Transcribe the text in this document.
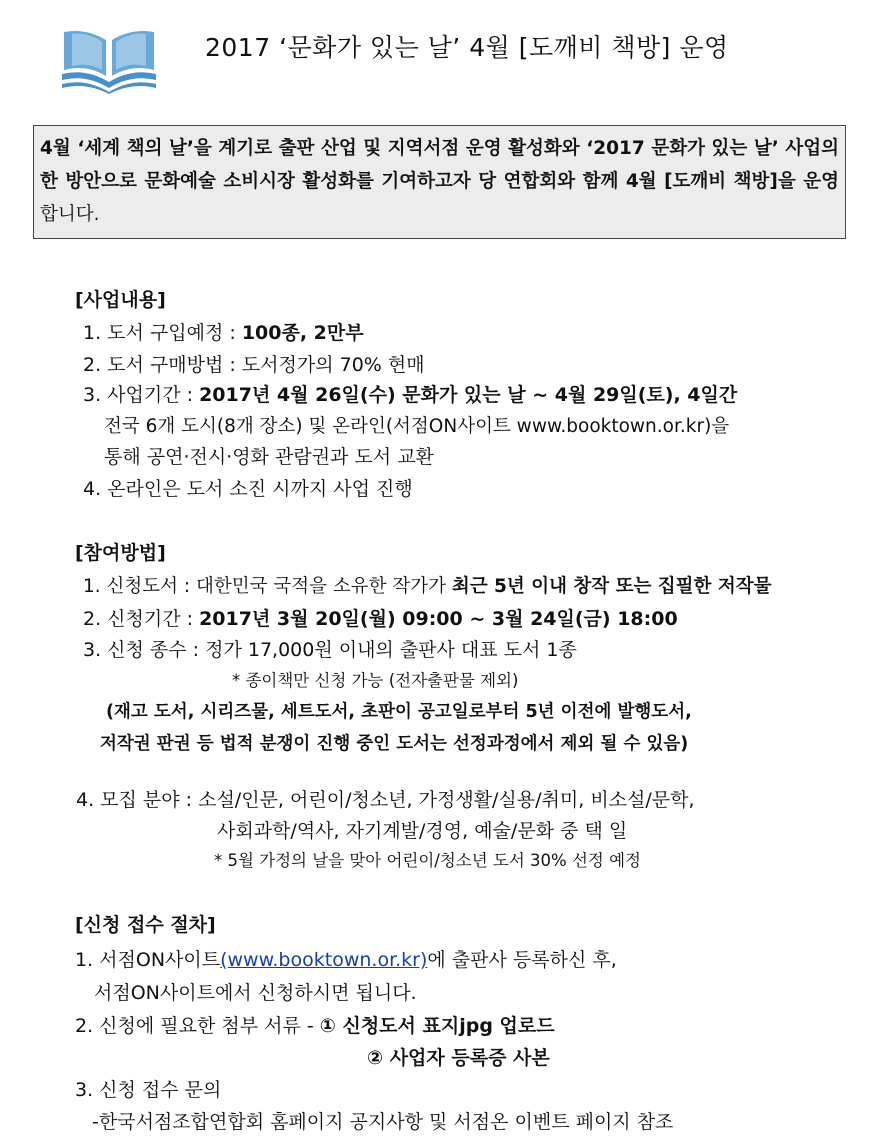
2017 ‘문화가 있는 날’ 4월 [도깨비 책방] 운영

4월 ‘세계 책의 날’을 계기로 출판 산업 및 지역서점 운영 활성화와 ‘2017 문화가 있는 날’ 사업의 한 방안으로 문화예술 소비시장 활성화를 기여하고자 당 연합회와 함께 4월 [도깨비 책방]을 운영합니다.

[사업내용]
1. 도서 구입예정 : 100종, 2만부
2. 도서 구매방법 : 도서정가의 70% 현매
3. 사업기간 : 2017년 4월 26일(수) 문화가 있는 날 ~ 4월 29일(토), 4일간
전국 6개 도시(8개 장소) 및 온라인(서점ON사이트 www.booktown.or.kr)을
통해 공연·전시·영화 관람권과 도서 교환
4. 온라인은 도서 소진 시까지 사업 진행
[참여방법]
1. 신청도서 : 대한민국 국적을 소유한 작가가 최근 5년 이내 창작 또는 집필한 저작물
2. 신청기간 : 2017년 3월 20일(월) 09:00 ~ 3월 24일(금) 18:00
3. 신청 종수 : 정가 17,000원 이내의 출판사 대표 도서 1종
* 종이책만 신청 가능 (전자출판물 제외)
(재고 도서, 시리즈물, 세트도서, 초판이 공고일로부터 5년 이전에 발행도서,
저작권 판권 등 법적 분쟁이 진행 중인 도서는 선정과정에서 제외 될 수 있음)
4. 모집 분야 : 소설/인문, 어린이/청소년, 가정생활/실용/취미, 비소설/문학,
사회과학/역사, 자기계발/경영, 예술/문화 중 택 일
* 5월 가정의 날을 맞아 어린이/청소년 도서 30% 선정 예정
[신청 접수 절차]
1. 서점ON사이트(www.booktown.or.kr)에 출판사 등록하신 후,
서점ON사이트에서 신청하시면 됩니다.
2. 신청에 필요한 첨부 서류 - ① 신청도서 표지jpg 업로드
② 사업자 등록증 사본
3. 신청 접수 문의
-한국서점조합연합회 홈페이지 공지사항 및 서점온 이벤트 페이지 참조
